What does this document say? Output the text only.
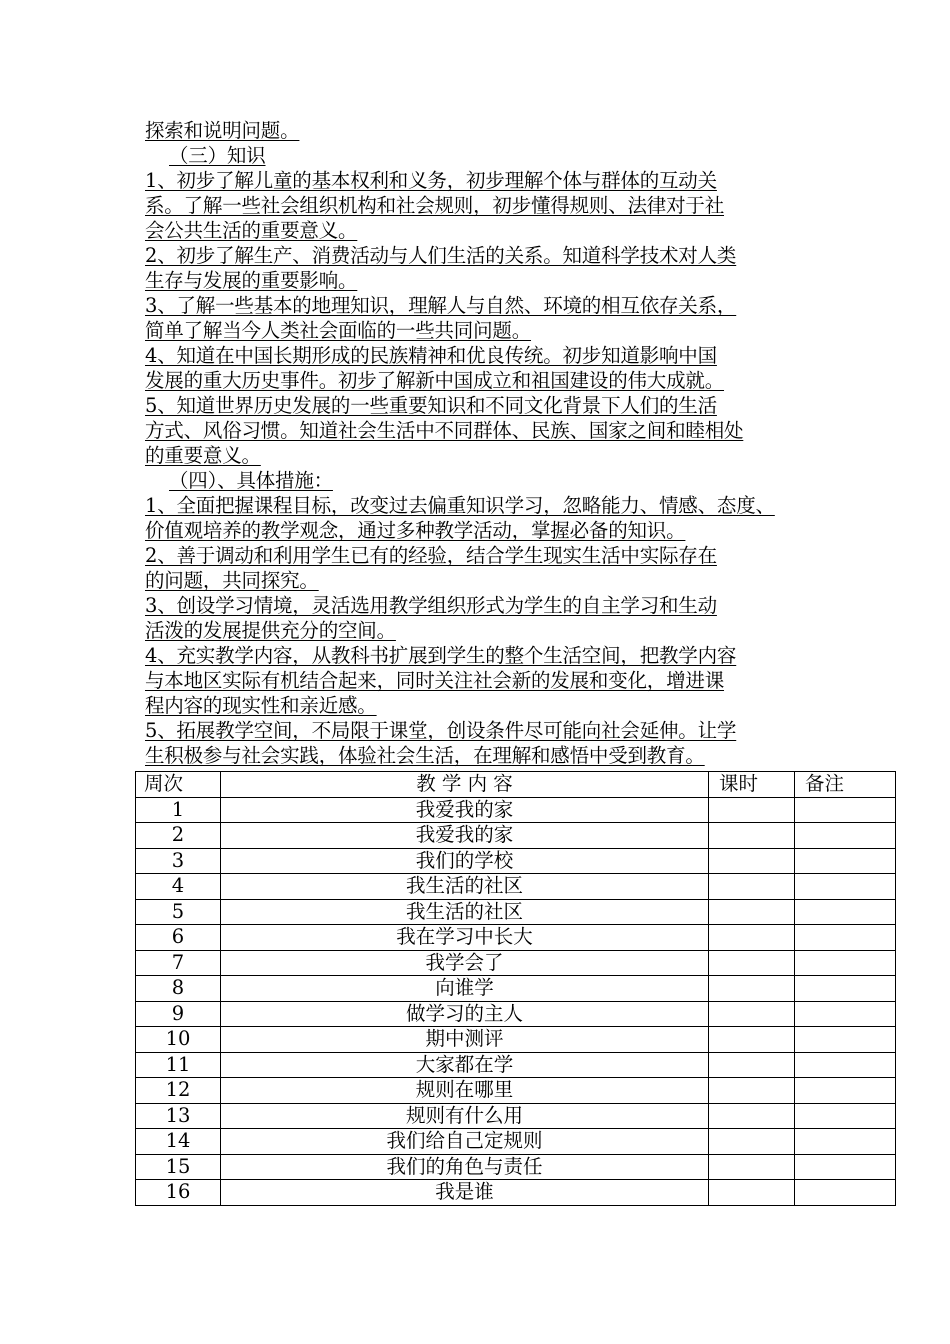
探索和说明问题。
（三）知识
1、初步了解儿童的基本权利和义务，初步理解个体与群体的互动关
系。了解一些社会组织机构和社会规则，初步懂得规则、法律对于社
会公共生活的重要意义。
2、初步了解生产、消费活动与人们生活的关系。知道科学技术对人类
生存与发展的重要影响。
3、了解一些基本的地理知识，理解人与自然、环境的相互依存关系，
简单了解当今人类社会面临的一些共同问题。
4、知道在中国长期形成的民族精神和优良传统。初步知道影响中国
发展的重大历史事件。初步了解新中国成立和祖国建设的伟大成就。
5、知道世界历史发展的一些重要知识和不同文化背景下人们的生活
方式、风俗习惯。知道社会生活中不同群体、民族、国家之间和睦相处
的重要意义。
（四）、具体措施：
1、全面把握课程目标，改变过去偏重知识学习，忽略能力、情感、态度、
价值观培养的教学观念，通过多种教学活动，掌握必备的知识。
2、善于调动和利用学生已有的经验，结合学生现实生活中实际存在
的问题，共同探究。
3、创设学习情境，灵活选用教学组织形式为学生的自主学习和生动
活泼的发展提供充分的空间。
4、充实教学内容，从教科书扩展到学生的整个生活空间，把教学内容
与本地区实际有机结合起来，同时关注社会新的发展和变化，增进课
程内容的现实性和亲近感。
5、拓展教学空间，不局限于课堂，创设条件尽可能向社会延伸。让学
生积极参与社会实践，体验社会生活，在理解和感悟中受到教育。
周次	教 学 内 容	课时	备注
1	我爱我的家		
2	我爱我的家		
3	我们的学校		
4	我生活的社区		
5	我生活的社区		
6	我在学习中长大		
7	我学会了		
8	向谁学		
9	做学习的主人		
10	期中测评		
11	大家都在学		
12	规则在哪里		
13	规则有什么用		
14	我们给自己定规则		
15	我们的角色与责任		
16	我是谁		
